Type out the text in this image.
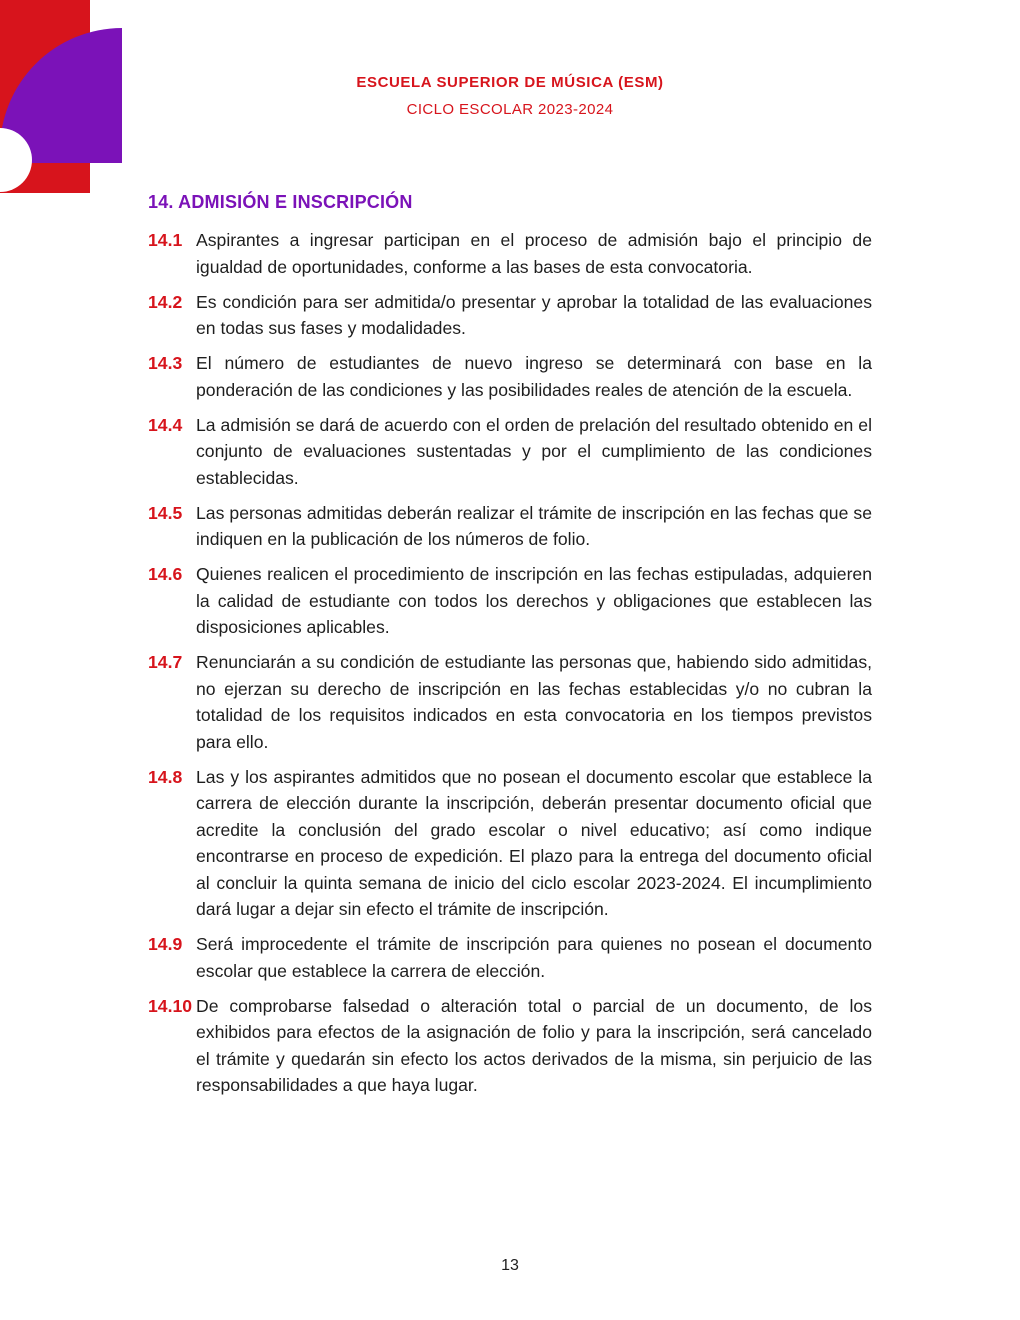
ESCUELA SUPERIOR DE MÚSICA (ESM)
CICLO ESCOLAR 2023-2024
14. ADMISIÓN E INSCRIPCIÓN
14.1 Aspirantes a ingresar participan en el proceso de admisión bajo el principio de igualdad de oportunidades, conforme a las bases de esta convocatoria.
14.2 Es condición para ser admitida/o presentar y aprobar la totalidad de las evaluaciones en todas sus fases y modalidades.
14.3 El número de estudiantes de nuevo ingreso se determinará con base en la ponderación de las condiciones y las posibilidades reales de atención de la escuela.
14.4 La admisión se dará de acuerdo con el orden de prelación del resultado obtenido en el conjunto de evaluaciones sustentadas y por el cumplimiento de las condiciones establecidas.
14.5 Las personas admitidas deberán realizar el trámite de inscripción en las fechas que se indiquen en la publicación de los números de folio.
14.6 Quienes realicen el procedimiento de inscripción en las fechas estipuladas, adquieren la calidad de estudiante con todos los derechos y obligaciones que establecen las disposiciones aplicables.
14.7 Renunciarán a su condición de estudiante las personas que, habiendo sido admitidas, no ejerzan su derecho de inscripción en las fechas establecidas y/o no cubran la totalidad de los requisitos indicados en esta convocatoria en los tiempos previstos para ello.
14.8 Las y los aspirantes admitidos que no posean el documento escolar que establece la carrera de elección durante la inscripción, deberán presentar documento oficial que acredite la conclusión del grado escolar o nivel educativo; así como indique encontrarse en proceso de expedición. El plazo para la entrega del documento oficial al concluir la quinta semana de inicio del ciclo escolar 2023-2024. El incumplimiento dará lugar a dejar sin efecto el trámite de inscripción.
14.9 Será improcedente el trámite de inscripción para quienes no posean el documento escolar que establece la carrera de elección.
14.10 De comprobarse falsedad o alteración total o parcial de un documento, de los exhibidos para efectos de la asignación de folio y para la inscripción, será cancelado el trámite y quedarán sin efecto los actos derivados de la misma, sin perjuicio de las responsabilidades a que haya lugar.
13
